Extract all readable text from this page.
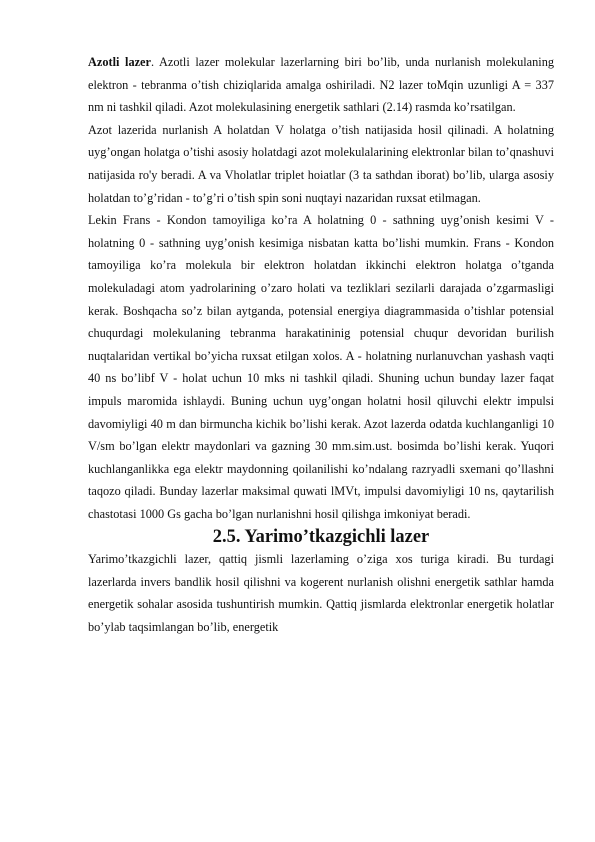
Azotli lazer. Azotli lazer molekular lazerlarning biri bo’lib, unda nurlanish molekulaning elektron - tebranma o’tish chiziqlarida amalga oshiriladi. N2 lazer toMqin uzunligi A = 337 nm ni tashkil qiladi. Azot molekulasining energetik sathlari (2.14) rasmda ko’rsatilgan.

Azot lazerida nurlanish A holatdan V holatga o’tish natijasida hosil qilinadi. A holatning uyg’ongan holatga o’tishi asosiy holatdagi azot molekulalarining elektronlar bilan to’qnashuvi natijasida ro'y beradi. A va Vholatlar triplet hoiatlar (3 ta sathdan iborat) bo’lib, ularga asosiy holatdan to’g’ridan - to’g’ri o’tish spin soni nuqtayi nazaridan ruxsat etilmagan.

Lekin Frans - Kondon tamoyiliga ko’ra A holatning 0 - sathning uyg’onish kesimi V - holatning 0 - sathning uyg’onish kesimiga nisbatan katta bo’lishi mumkin. Frans - Kondon tamoyiliga ko’ra molekula bir elektron holatdan ikkinchi elektron holatga o’tganda molekuladagi atom yadrolarining o’zaro holati va tezliklari sezilarli darajada o’zgarmasligi kerak. Boshqacha so’z bilan aytganda, potensial energiya diagrammasida o’tishlar potensial chuqurdagi molekulaning tebranma harakatininig potensial chuqur devoridan burilish nuqtalaridan vertikal bo’yicha ruxsat etilgan xolos. A - holatning nurlanuvchan yashash vaqti 40 ns bo’libf V - holat uchun 10 mks ni tashkil qiladi. Shuning uchun bunday lazer faqat impuls maromida ishlaydi. Buning uchun uyg’ongan holatni hosil qiluvchi elektr impulsi davomiyligi 40 m dan birmuncha kichik bo’lishi kerak. Azot lazerda odatda kuchlanganligi 10 V/sm bo’lgan elektr maydonlari va gazning 30 mm.sim.ust. bosimda bo’lishi kerak. Yuqori kuchlanganlikka ega elektr maydonning qoilanilishi ko’ndalang razryadli sxemani qo’llashni taqozo qiladi. Bunday lazerlar maksimal quwati lMVt, impulsi davomiyligi 10 ns, qaytarilish chastotasi 1000 Gs gacha bo’lgan nurlanishni hosil qilishga imkoniyat beradi.

2.5. Yarimo’tkazgichli lazer

Yarimo’tkazgichli lazer, qattiq jismli lazerlaming o’ziga xos turiga kiradi. Bu turdagi lazerlarda invers bandlik hosil qilishni va kogerent nurlanish olishni energetik sathlar hamda energetik sohalar asosida tushuntirish mumkin. Qattiq jismlarda elektronlar energetik holatlar bo’ylab taqsimlangan bo’lib, energetik
